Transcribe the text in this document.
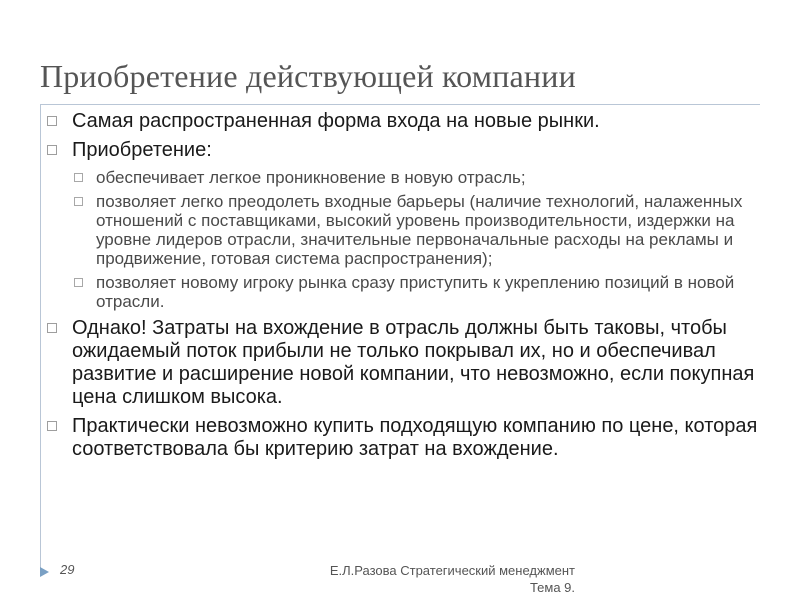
Приобретение действующей компании
Самая распространенная форма входа на новые рынки.
Приобретение:
обеспечивает легкое проникновение в новую отрасль;
позволяет легко преодолеть входные барьеры (наличие технологий, налаженных отношений с поставщиками, высокий уровень производительности, издержки на уровне лидеров отрасли, значительные первоначальные расходы на рекламы и продвижение, готовая система распространения);
позволяет новому игроку рынка сразу приступить к укреплению позиций в новой отрасли.
Однако! Затраты на вхождение в отрасль должны быть таковы, чтобы ожидаемый поток прибыли не только покрывал их, но и обеспечивал развитие и расширение новой компании, что невозможно, если покупная цена слишком высока.
Практически невозможно купить подходящую компанию по цене, которая соответствовала бы критерию затрат на вхождение.
29	Е.Л.Разова Стратегический менеджмент
Тема 9.
